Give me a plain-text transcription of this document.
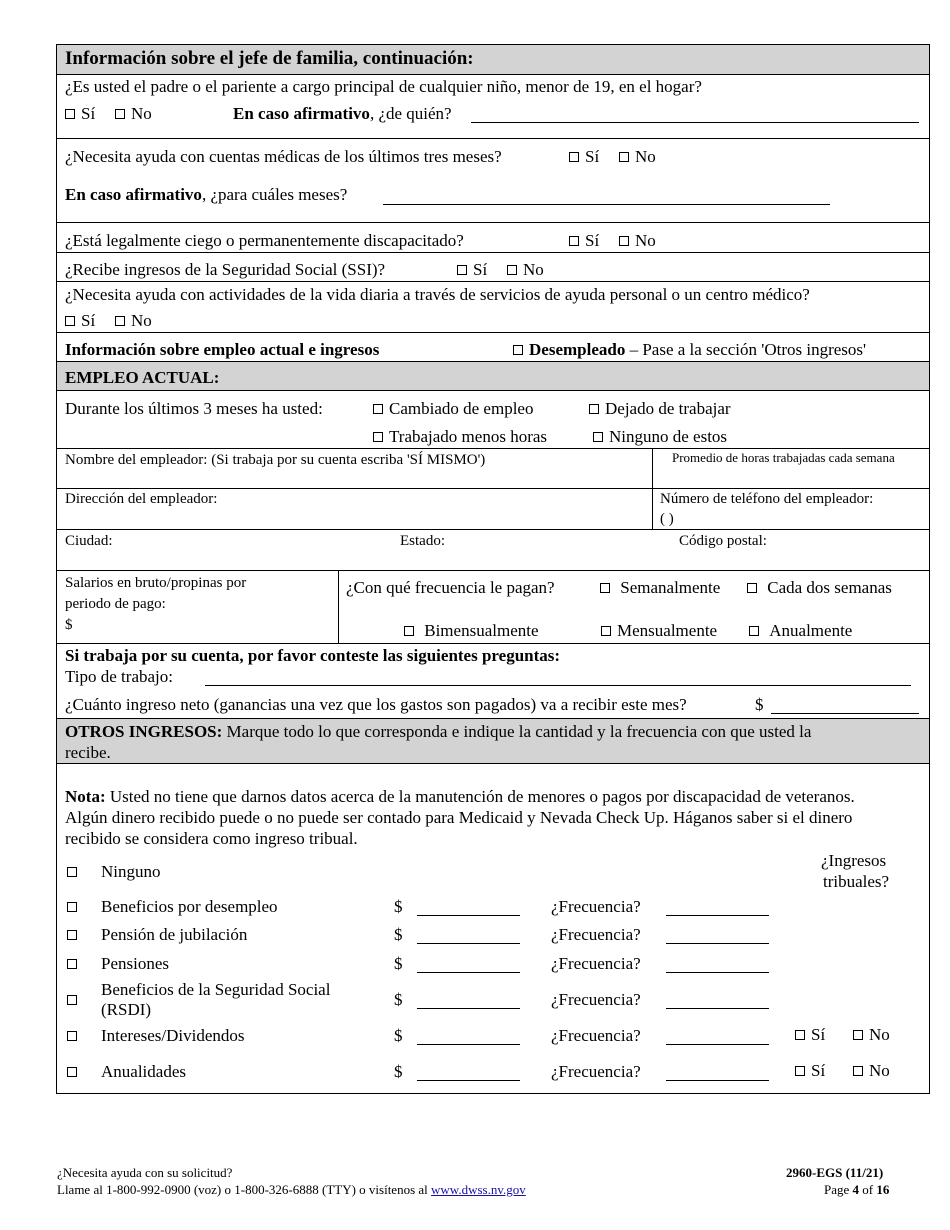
Información sobre el jefe de familia, continuación:
¿Es usted el padre o el pariente a cargo principal de cualquier niño, menor de 19, en el hogar?
Sí	No	En caso afirmativo, ¿de quién?
¿Necesita ayuda con cuentas médicas de los últimos tres meses?	Sí	No
En caso afirmativo, ¿para cuáles meses?
¿Está legalmente ciego o permanentemente discapacitado?	Sí	No
¿Recibe ingresos de la Seguridad Social (SSI)?	Sí	No
¿Necesita ayuda con actividades de la vida diaria a través de servicios de ayuda personal o un centro médico?
Sí	No
Información sobre empleo actual e ingresos	Desempleado – Pase a la sección 'Otros ingresos'
EMPLEO ACTUAL:
Durante los últimos 3 meses ha usted:	Cambiado de empleo	Dejado de trabajar
Trabajado menos horas	Ninguno de estos
Nombre del empleador: (Si trabaja por su cuenta escriba 'SÍ MISMO')	Promedio de horas trabajadas cada semana
Dirección del empleador:	Número de teléfono del empleador:
( )
Ciudad:	Estado:	Código postal:
Salarios en bruto/propinas por
periodo de pago:
$
¿Con qué frecuencia le pagan?	Semanalmente	Cada dos semanas
Bimensualmente	Mensualmente	Anualmente
Si trabaja por su cuenta, por favor conteste las siguientes preguntas:
Tipo de trabajo:
¿Cuánto ingreso neto (ganancias una vez que los gastos son pagados) va a recibir este mes?	$
OTROS INGRESOS: Marque todo lo que corresponda e indique la cantidad y la frecuencia con que usted la
recibe.
Nota: Usted no tiene que darnos datos acerca de la manutención de menores o pagos por discapacidad de veteranos.
Algún dinero recibido puede o no puede ser contado para Medicaid y Nevada Check Up. Háganos saber si el dinero
recibido se considera como ingreso tribual.
Ninguno
¿Ingresos
tribuales?
Beneficios por desempleo	$	¿Frecuencia?
Pensión de jubilación	$	¿Frecuencia?
Pensiones	$	¿Frecuencia?
Beneficios de la Seguridad Social
(RSDI)
$	¿Frecuencia?
Intereses/Dividendos	$	¿Frecuencia?	Sí	No
Anualidades	$	¿Frecuencia?	Sí	No
¿Necesita ayuda con su solicitud?
Llame al 1-800-992-0900 (voz) o 1-800-326-6888 (TTY) o visítenos al www.dwss.nv.gov
2960-EGS (11/21)
Page 4 of 16
